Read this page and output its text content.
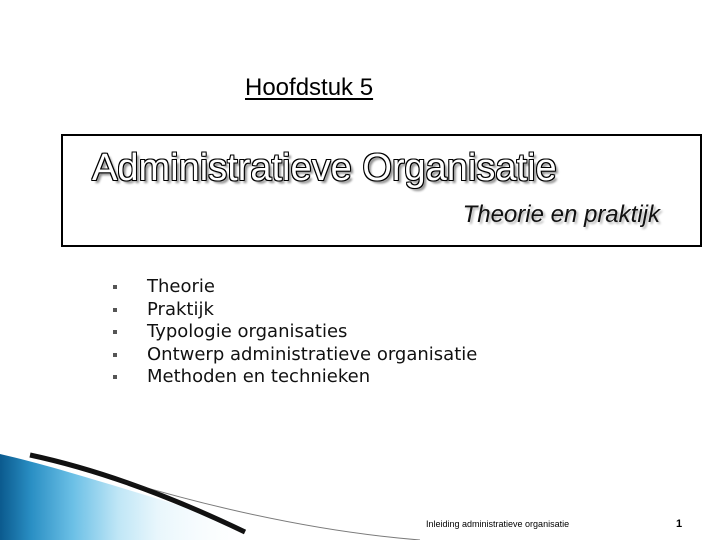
Hoofdstuk 5
Administratieve Organisatie
Theorie en praktijk
Theorie
Praktijk
Typologie organisaties
Ontwerp administratieve organisatie
Methoden en technieken
Inleiding administratieve organisatie	1
